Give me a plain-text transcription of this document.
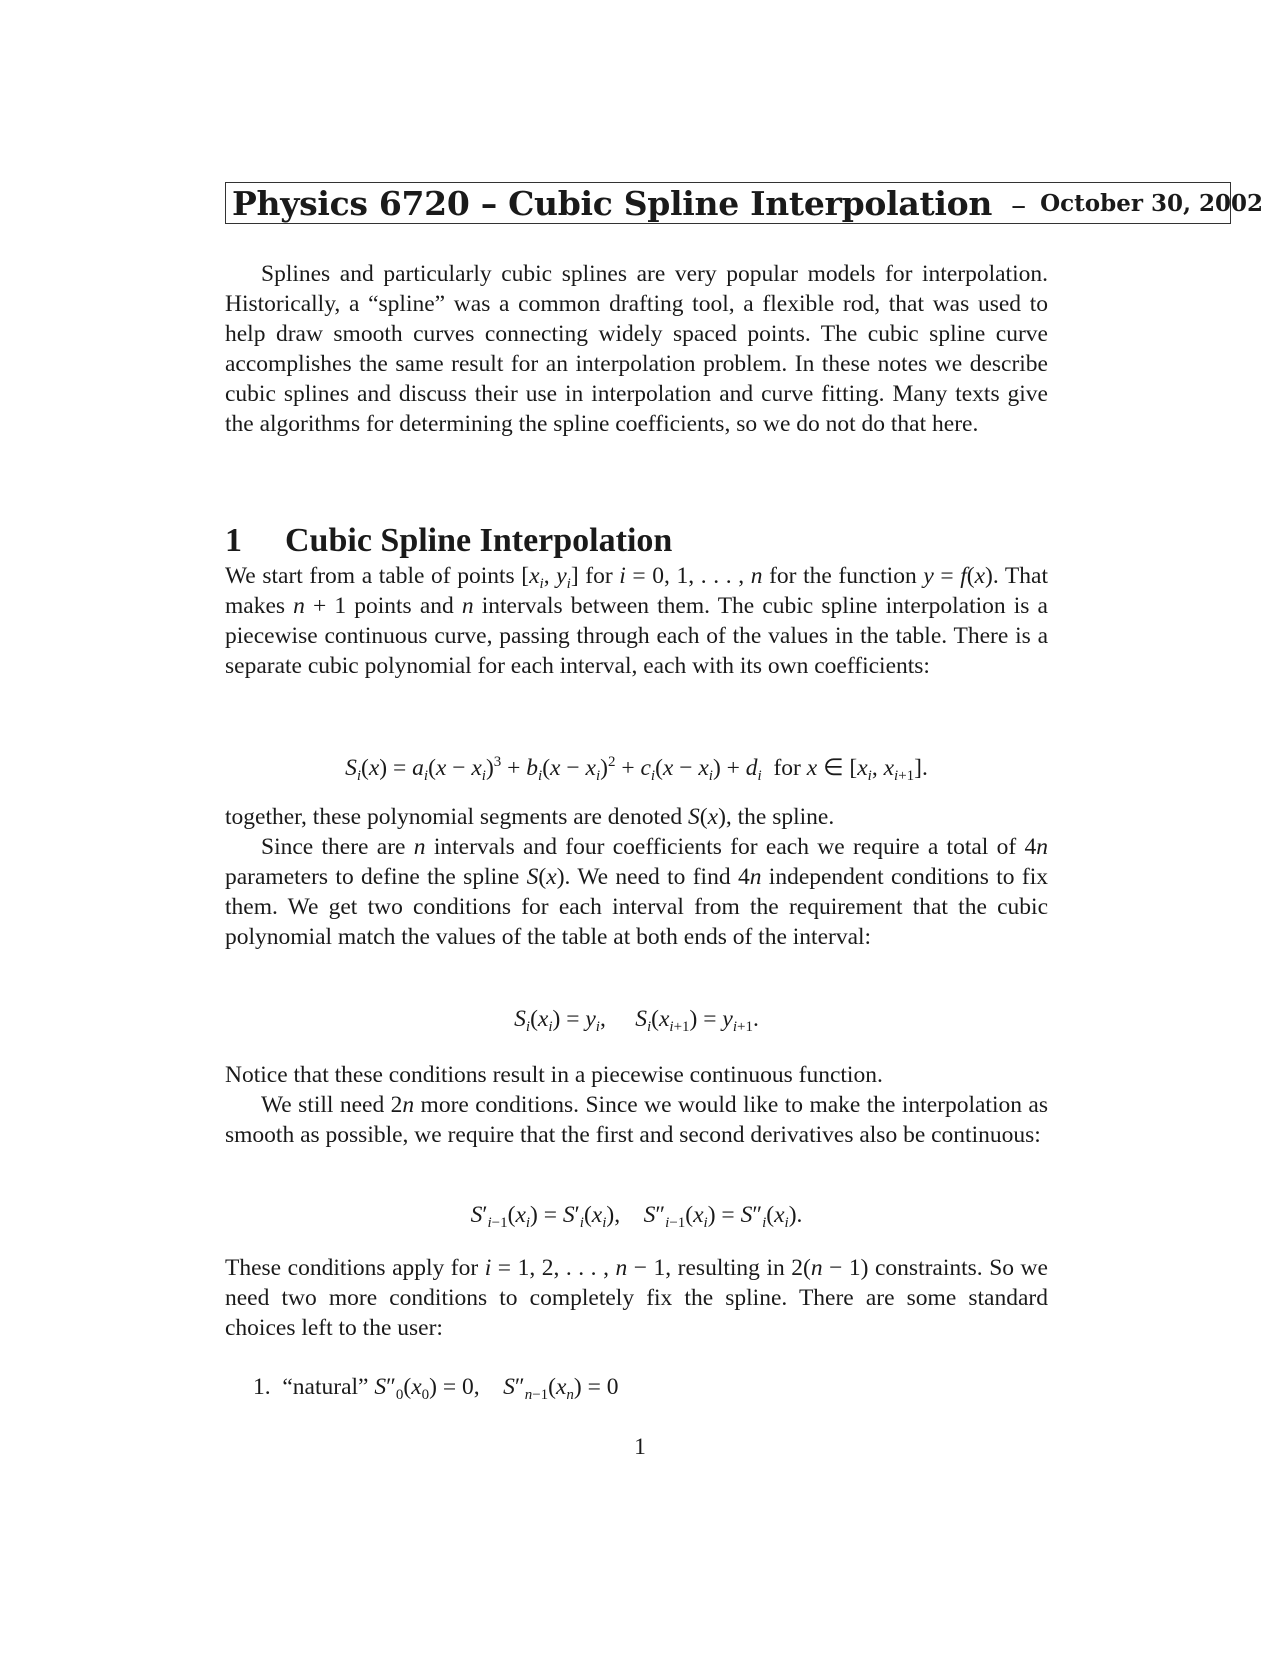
Physics 6720 – Cubic Spline Interpolation – October 30, 2002

Splines and particularly cubic splines are very popular models for interpolation. Historically, a “spline” was a common drafting tool, a flexible rod, that was used to help draw smooth curves connecting widely spaced points. The cubic spline curve accomplishes the same result for an interpolation problem. In these notes we describe cubic splines and discuss their use in interpolation and curve fitting. Many texts give the algorithms for determining the spline coefficients, so we do not do that here.

1 Cubic Spline Interpolation

We start from a table of points [$x_i$, $y_i$] for i = 0, 1, . . . , n for the function y = f(x). That makes n + 1 points and n intervals between them. The cubic spline interpolation is a piecewise continuous curve, passing through each of the values in the table. There is a separate cubic polynomial for each interval, each with its own coefficients:

$S_i(x) = a_i(x - x_i)^3 + b_i(x - x_i)^2 + c_i(x - x_i) + d_i$ for x ∈ [$x_i$, $x_{i+1}$].

together, these polynomial segments are denoted S(x), the spline.
Since there are n intervals and four coefficients for each we require a total of 4n parameters to define the spline S(x). We need to find 4n independent conditions to fix them. We get two conditions for each interval from the requirement that the cubic polynomial match the values of the table at both ends of the interval:

$S_i(x_i) = y_i$,     $S_i(x_{i+1}) = y_{i+1}$.

Notice that these conditions result in a piecewise continuous function.
We still need 2n more conditions. Since we would like to make the interpolation as smooth as possible, we require that the first and second derivatives also be continuous:

$S'_{i-1}(x_i) = S'_i(x_i)$,    $S''_{i-1}(x_i) = S''_i(x_i)$.

These conditions apply for i = 1, 2, . . . , n − 1, resulting in 2(n − 1) constraints. So we need two more conditions to completely fix the spline. There are some standard choices left to the user:

1. “natural” $S''_0(x_0) = 0$,    $S''_{n-1}(x_n) = 0$
1
